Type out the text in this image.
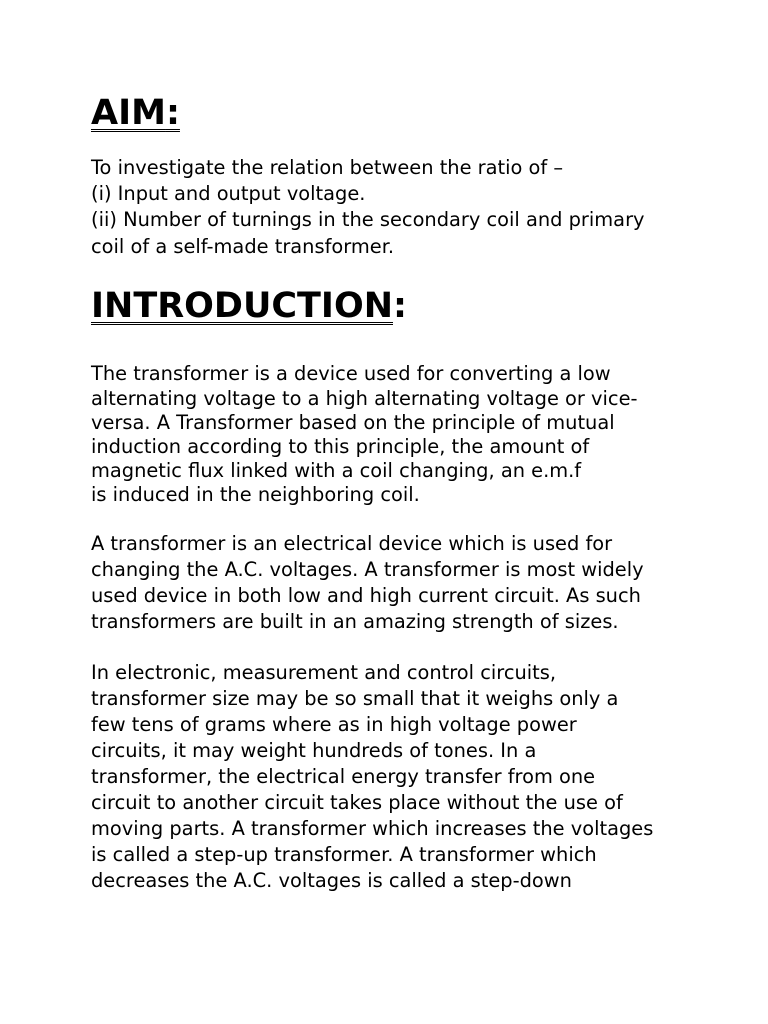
AIM:

To investigate the relation between the ratio of –

(i) Input and output voltage.

(ii) Number of turnings in the secondary coil and primary

coil of a self-made transformer.

INTRODUCTION:

The transformer is a device used for converting a low

alternating voltage to a high alternating voltage or vice-

versa. A Transformer based on the principle of mutual

induction according to this principle, the amount of

magnetic flux linked with a coil changing, an e.m.f

is induced in the neighboring coil.

A transformer is an electrical device which is used for

changing the A.C. voltages. A transformer is most widely

used device in both low and high current circuit. As such

transformers are built in an amazing strength of sizes.

In electronic, measurement and control circuits,

transformer size may be so small that it weighs only a

few tens of grams where as in high voltage power

circuits, it may weight hundreds of tones. In a

transformer, the electrical energy transfer from one

circuit to another circuit takes place without the use of

moving parts. A transformer which increases the voltages

is called a step-up transformer. A transformer which

decreases the A.C. voltages is called a step-down
